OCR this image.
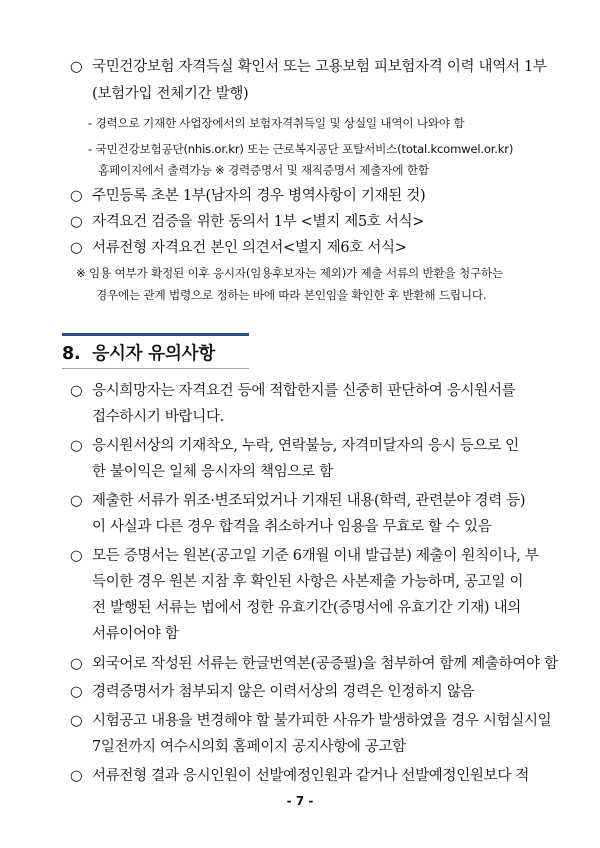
○ 국민건강보험 자격득실 확인서 또는 고용보험 피보험자격 이력 내역서 1부
(보험가입 전체기간 발행)
- 경력으로 기재한 사업장에서의 보험자격취득일 및 상실일 내역이 나와야 함
- 국민건강보험공단(nhis.or.kr) 또는 근로복지공단 포탈서비스(total.kcomwel.or.kr)
홈페이지에서 출력가능 ※ 경력증명서 및 재직증명서 제출자에 한함
○ 주민등록 초본 1부(남자의 경우 병역사항이 기재된 것)
○ 자격요건 검증을 위한 동의서 1부 <별지 제5호 서식>
○ 서류전형 자격요건 본인 의견서<별지 제6호 서식>
※ 임용 여부가 확정된 이후 응시자(임용후보자는 제외)가 제출 서류의 반환을 청구하는
경우에는 관계 법령으로 정하는 바에 따라 본인임을 확인한 후 반환해 드립니다.
8. 응시자 유의사항
○ 응시희망자는 자격요건 등에 적합한지를 신중히 판단하여 응시원서를
접수하시기 바랍니다.
○ 응시원서상의 기재착오, 누락, 연락불능, 자격미달자의 응시 등으로 인
한 불이익은 일체 응시자의 책임으로 함
○ 제출한 서류가 위조·변조되었거나 기재된 내용(학력, 관련분야 경력 등)
이 사실과 다른 경우 합격을 취소하거나 임용을 무효로 할 수 있음
○ 모든 증명서는 원본(공고일 기준 6개월 이내 발급분) 제출이 원칙이나, 부
득이한 경우 원본 지참 후 확인된 사항은 사본제출 가능하며, 공고일 이
전 발행된 서류는 법에서 정한 유효기간(증명서에 유효기간 기재) 내의
서류이어야 함
○ 외국어로 작성된 서류는 한글번역본(공증필)을 첨부하여 함께 제출하여야 함
○ 경력증명서가 첨부되지 않은 이력서상의 경력은 인정하지 않음
○ 시험공고 내용을 변경해야 할 불가피한 사유가 발생하였을 경우 시험실시일
7일전까지 여수시의회 홈페이지 공지사항에 공고함
○ 서류전형 결과 응시인원이 선발예정인원과 같거나 선발예정인원보다 적
- 7 -
